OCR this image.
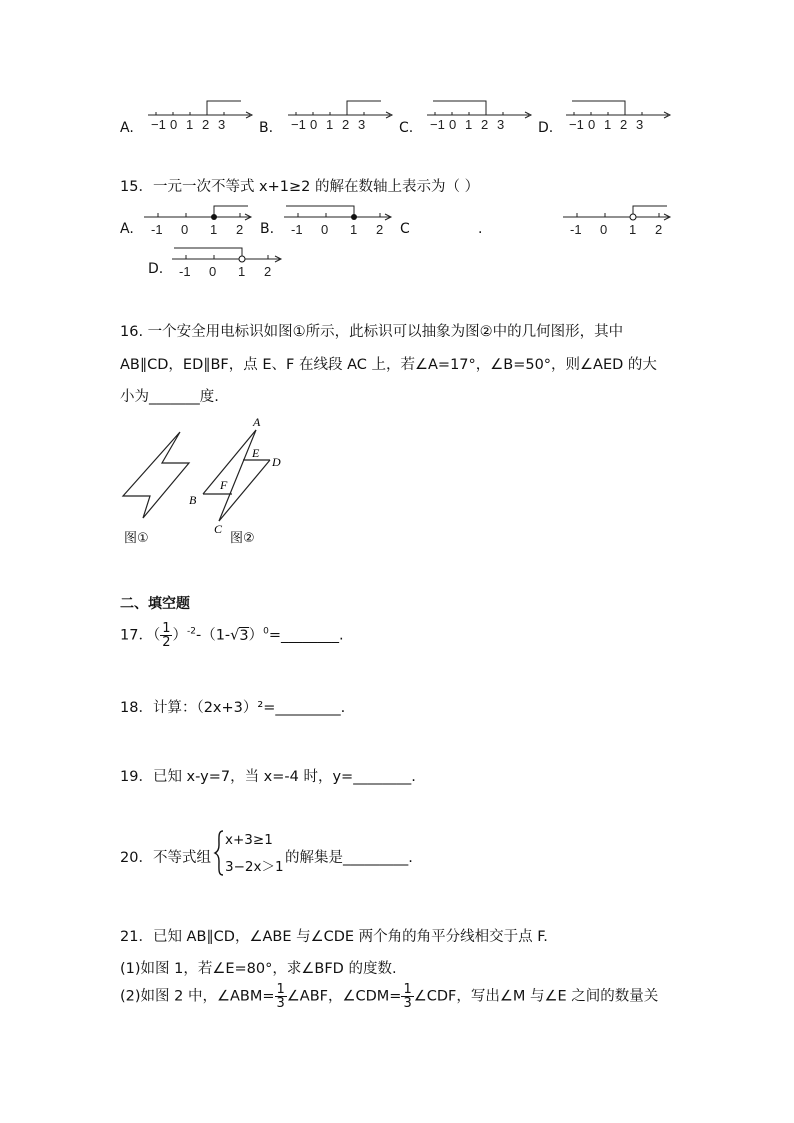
A. −1 0 1 2 3 B. −1 0 1 2 3 C. −1 0 1 2 3 D. −1 0 1 2 3
15．一元一次不等式 x+1≥2 的解在数轴上表示为（ ）
A. -1 0 1 2 B. -1 0 1 2 C	.	-1 0 1 2
D. -1 0 1 2
16. 一个安全用电标识如图①所示，此标识可以抽象为图②中的几何图形，其中
AB∥CD，ED∥BF，点 E、F 在线段 AC 上，若∠A=17°，∠B=50°，则∠AED 的大
小为_______度.
A
B
C
D
E
F
图①	图②
二、填空题
17．（ $\frac{1}{2}$ ）$^{-2}-(1-√3)^0=\_\_\_\_\_\_\_\_$.
18．计算：（2x+3）²=_________.
19．已知 x-y=7，当 x=-4 时，y=________.
20．不等式组
x+3≥1
3−2x＞1
的解集是_________.
21．已知 AB∥CD，∠ABE 与∠CDE 两个角的角平分线相交于点 F.
(1)如图 1，若∠E=80°，求∠BFD 的度数.
(2)如图 2 中，∠ABM= $\frac{1}{3}$ ∠ABF，∠CDM= $\frac{1}{3}$ ∠CDF，写出∠M 与∠E 之间的数量关
